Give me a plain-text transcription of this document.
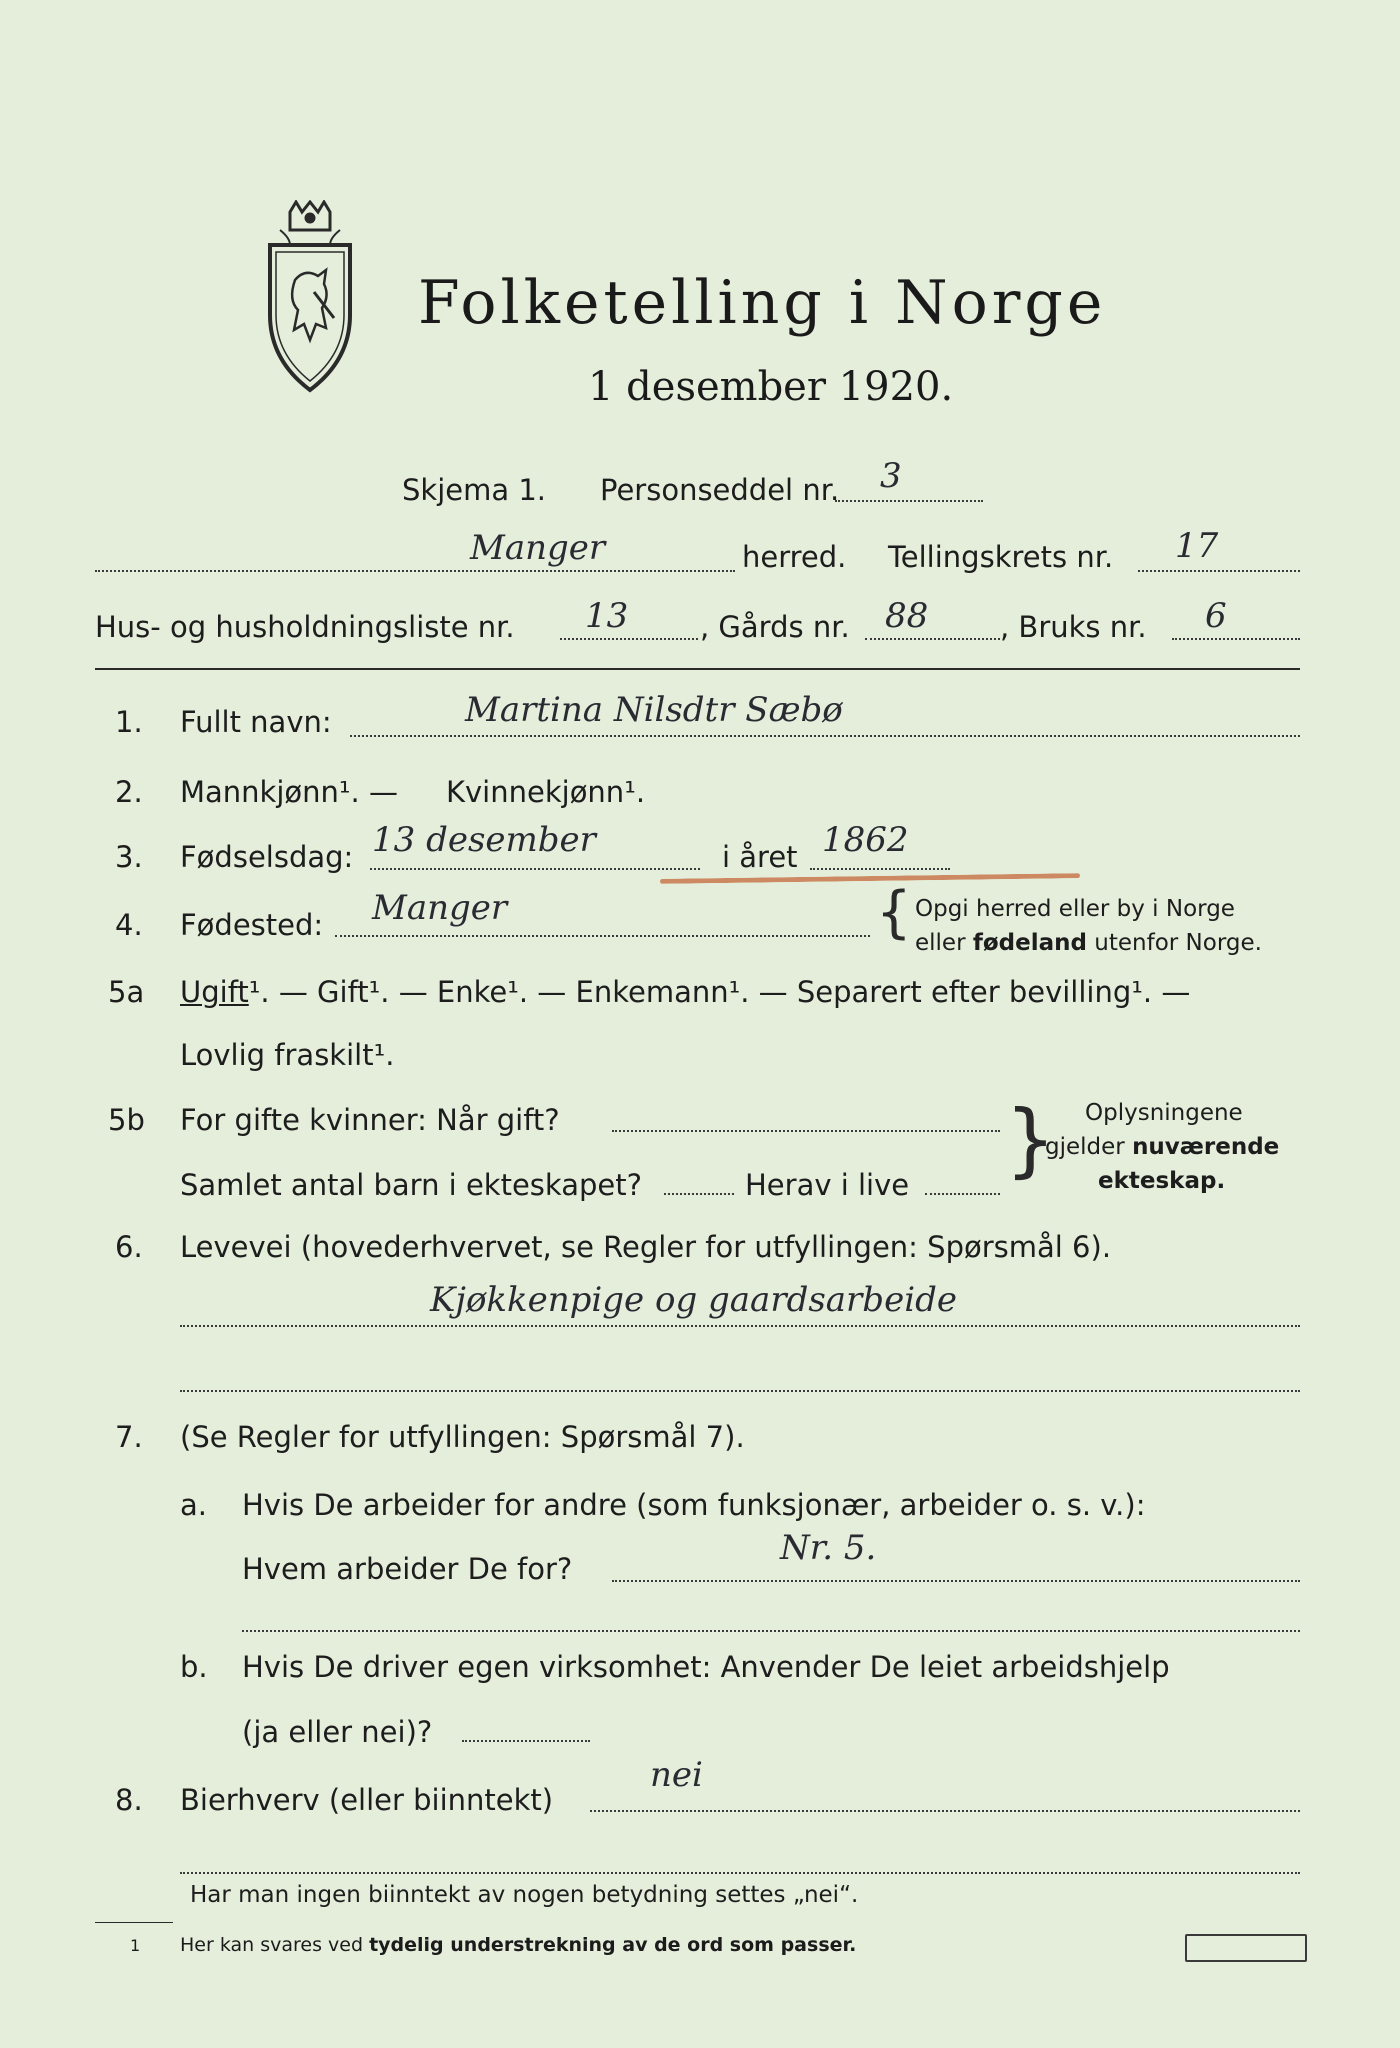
Folketelling i Norge
1 desember 1920.
Skjema 1. Personseddel nr. 3
Manger	herred. Tellingskrets nr. 17
Hus- og husholdningsliste nr. 13 , Gårds nr. 88 , Bruks nr. 6
1. Fullt navn:	Martina Nilsdtr Sæbø
2. Mannkjønn¹. — Kvinnekjønn¹.
3. Fødselsdag: 13 desember	i året 1862
4. Fødested: Manger	{ Opgi herred eller by i Norge
eller fødeland utenfor Norge.
5a Ugift¹. — Gift¹. — Enke¹. — Enkemann¹. — Separert efter bevilling¹. —
Lovlig fraskilt¹.
5b For gifte kvinner: Når gift?
Samlet antal barn i ekteskapet?	Herav i live } Oplysningene
gjelder nuværende
ekteskap.
6. Levevei (hovederhvervet, se Regler for utfyllingen: Spørsmål 6).
Kjøkkenpige og gaardsarbeide
7. (Se Regler for utfyllingen: Spørsmål 7).
a. Hvis De arbeider for andre (som funksjonær, arbeider o. s. v.):
Hvem arbeider De for?
Nr. 5.
b. Hvis De driver egen virksomhet: Anvender De leiet arbeidshjelp
(ja eller nei)?
8. Bierhverv (eller biinntekt)
nei
Har man ingen biinntekt av nogen betydning settes „nei“.
1 Her kan svares ved tydelig understrekning av de ord som passer.
